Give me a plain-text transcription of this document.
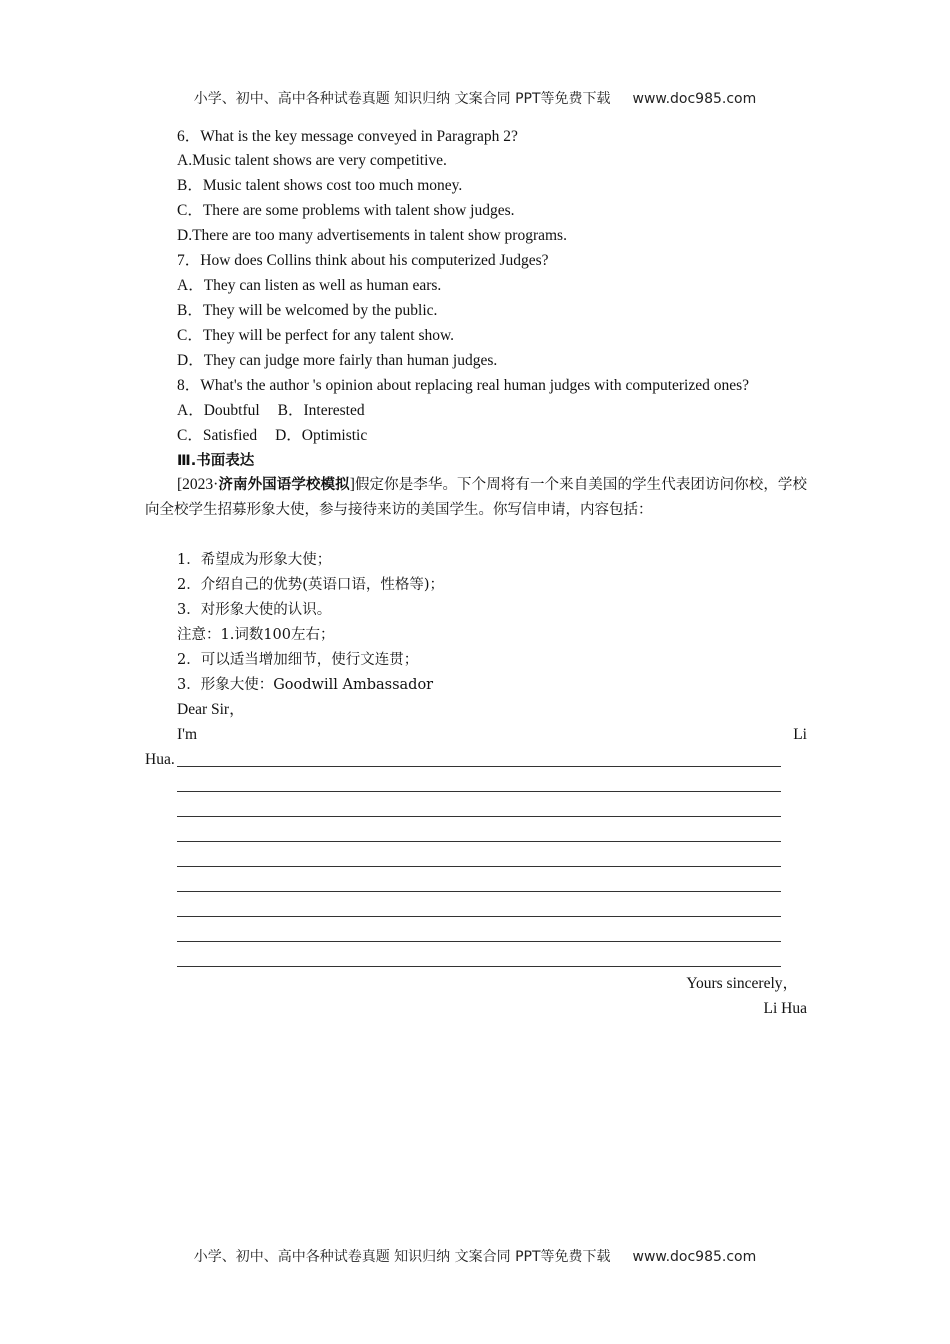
小学、初中、高中各种试卷真题 知识归纳 文案合同 PPT等免费下载 www.doc985.com
6．What is the key message conveyed in Paragraph 2?
A.Music talent shows are very competitive.
B．Music talent shows cost too much money.
C．There are some problems with talent show judges.
D.There are too many advertisements in talent show programs.
7．How does Collins think about his computerized Judges?
A．They can listen as well as human ears.
B．They will be welcomed by the public.
C．They will be perfect for any talent show.
D．They can judge more fairly than human judges.
8．What's the author 's opinion about replacing real human judges with computerized ones?
A．Doubtful B．Interested
C．Satisfied D．Optimistic
Ⅲ.书面表达
[2023·济南外国语学校模拟]假定你是李华。下个周将有一个来自美国的学生代表团访问你校，学校向全校学生招募形象大使，参与接待来访的美国学生。你写信申请，内容包括：
1．希望成为形象大使；
2．介绍自己的优势(英语口语，性格等)；
3．对形象大使的认识。
注意：1.词数100左右；
2．可以适当增加细节，使行文连贯；
3．形象大使：Goodwill Ambassador
Dear Sir，
I'm	Li
Hua.
Yours sincerely，
Li Hua
小学、初中、高中各种试卷真题 知识归纳 文案合同 PPT等免费下载 www.doc985.com
